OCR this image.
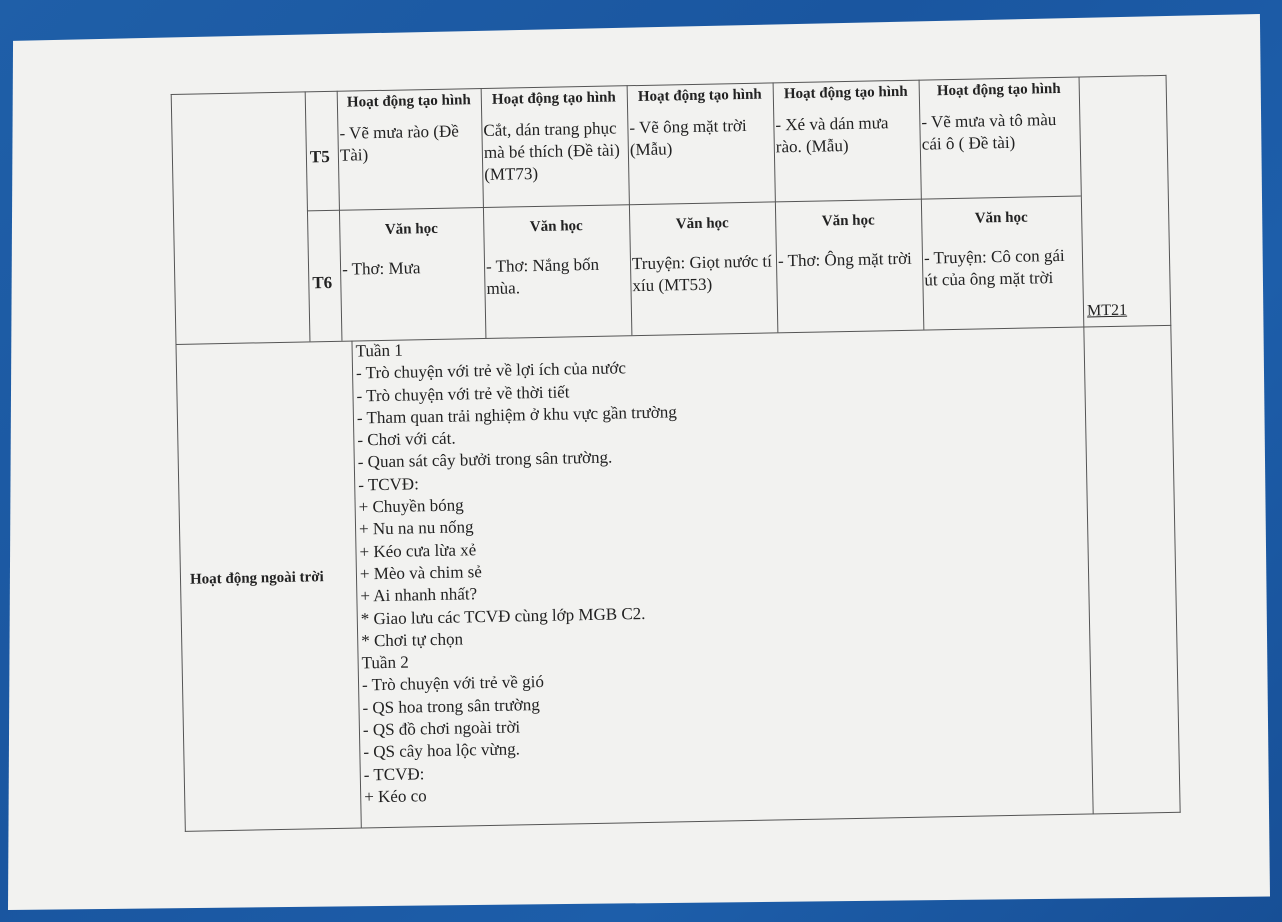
T5
T6
Hoạt động tạo hình
- Vẽ mưa rào (Đề Tài)
Hoạt động tạo hình
Cắt, dán trang phục mà bé thích (Đề tài) (MT73)
Hoạt động tạo hình
- Vẽ ông mặt trời (Mẫu)
Hoạt động tạo hình
- Xé và dán mưa rào. (Mẫu)
Hoạt động tạo hình
- Vẽ mưa và tô màu cái ô ( Đề tài)
Văn học
- Thơ: Mưa
Văn học
- Thơ: Nắng bốn mùa.
Văn học
Truyện: Giọt nước tí xíu (MT53)
Văn học
- Thơ: Ông mặt trời
Văn học
- Truyện: Cô con gái út của ông mặt trời
MT21
Hoạt động ngoài trời
Tuần 1
- Trò chuyện với trẻ về lợi ích của nước
- Trò chuyện với trẻ về thời tiết
- Tham quan trải nghiệm ở khu vực gần trường
- Chơi với cát.
- Quan sát cây bưởi trong sân trường.
- TCVĐ:
+ Chuyền bóng
+ Nu na nu nống
+ Kéo cưa lừa xẻ
+ Mèo và chim sẻ
+ Ai nhanh nhất?
* Giao lưu các TCVĐ cùng lớp MGB C2.
* Chơi tự chọn
Tuần 2
- Trò chuyện với trẻ về gió
- QS hoa trong sân trường
- QS đồ chơi ngoài trời
- QS cây hoa lộc vừng.
- TCVĐ:
+ Kéo co
